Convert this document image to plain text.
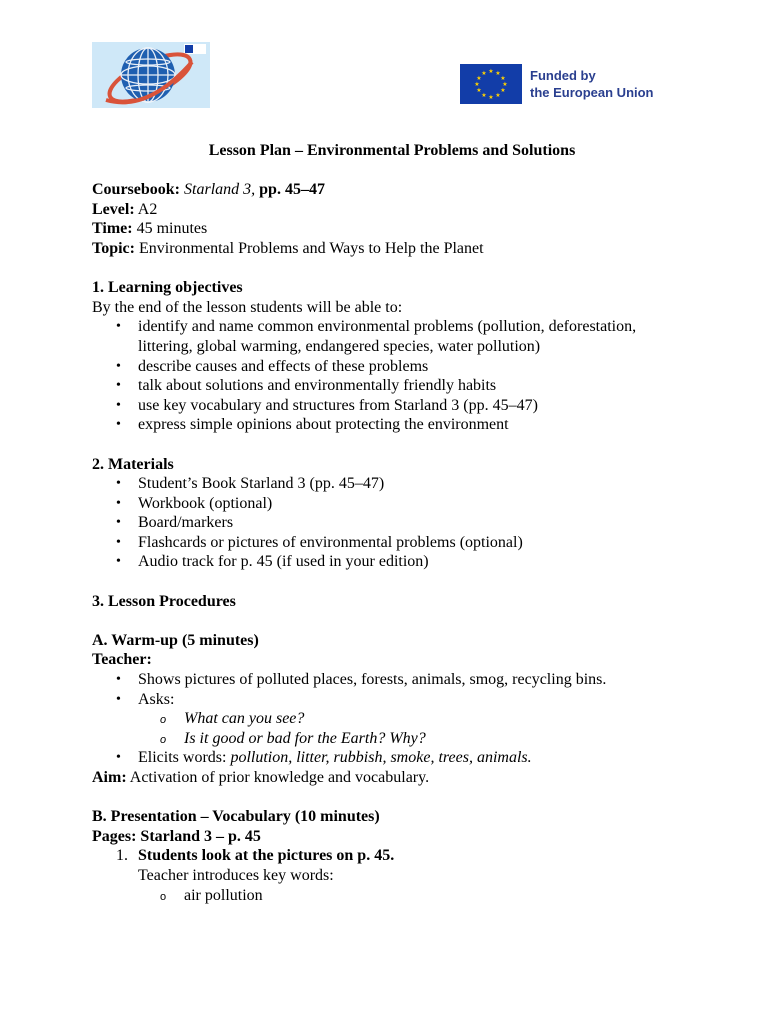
★ ★
★
★
★
★
★
★
★
★
★
★	Funded by
the European Union

Lesson Plan – Environmental Problems and Solutions

Coursebook: Starland 3, pp. 45–47

Level: A2

Time: 45 minutes

Topic: Environmental Problems and Ways to Help the Planet

1. Learning objectives

By the end of the lesson students will be able to:

• identify and name common environmental problems (pollution, deforestation, littering, global warming, endangered species, water pollution)
• describe causes and effects of these problems
• talk about solutions and environmentally friendly habits
• use key vocabulary and structures from Starland 3 (pp. 45–47)
• express simple opinions about protecting the environment

2. Materials

• Student’s Book Starland 3 (pp. 45–47)
• Workbook (optional)
• Board/markers
• Flashcards or pictures of environmental problems (optional)
• Audio track for p. 45 (if used in your edition)

3. Lesson Procedures

A. Warm-up (5 minutes)

Teacher:

• Shows pictures of polluted places, forests, animals, smog, recycling bins.
• Asks:
o What can you see?
o Is it good or bad for the Earth? Why?
• Elicits words: pollution, litter, rubbish, smoke, trees, animals.

Aim: Activation of prior knowledge and vocabulary.

B. Presentation – Vocabulary (10 minutes)

Pages: Starland 3 – p. 45

1. Students look at the pictures on p. 45.

Teacher introduces key words:

o air pollution
